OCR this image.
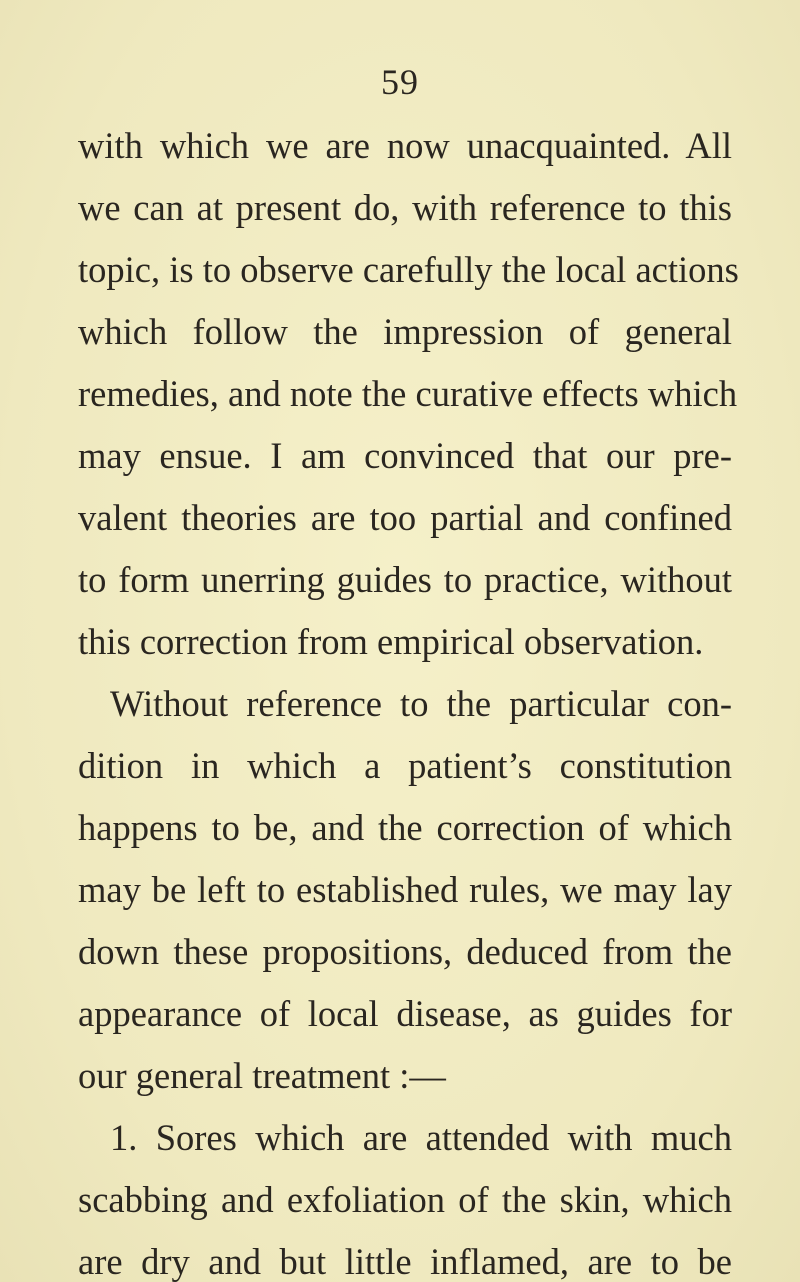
59
with which we are now unacquainted. All
we can at present do, with reference to this
topic, is to observe carefully the local actions
which follow the impression of general
remedies, and note the curative effects which
may ensue. I am convinced that our pre-
valent theories are too partial and confined
to form unerring guides to practice, without
this correction from empirical observation.
Without reference to the particular con-
dition in which a patient’s constitution
happens to be, and the correction of which
may be left to established rules, we may lay
down these propositions, deduced from the
appearance of local disease, as guides for
our general treatment :—
1. Sores which are attended with much
scabbing and exfoliation of the skin, which
are dry and but little inflamed, are to be
